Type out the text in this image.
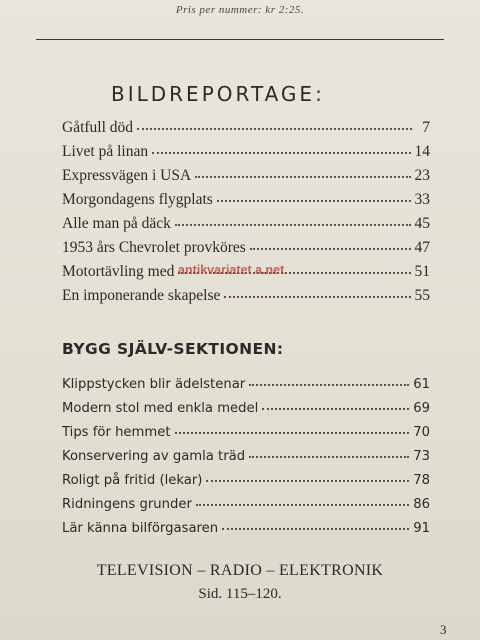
Pris per nummer: kr 2:25.
BILDREPORTAGE:
Gåtfull död	7
Livet på linan	14
Expressvägen i USA	23
Morgondagens flygplats	33
Alle man på däck	45
1953 års Chevrolet provköres	47
Motortävling med	51
En imponerande skapelse	55
antikvariatet a.net
BYGG SJÄLV-SEKTIONEN:
Klippstycken blir ädelstenar	61
Modern stol med enkla medel	69
Tips för hemmet	70
Konservering av gamla träd	73
Roligt på fritid (lekar)	78
Ridningens grunder	86
Lär känna bilförgasaren	91
TELEVISION – RADIO – ELEKTRONIK
Sid. 115–120.
3
